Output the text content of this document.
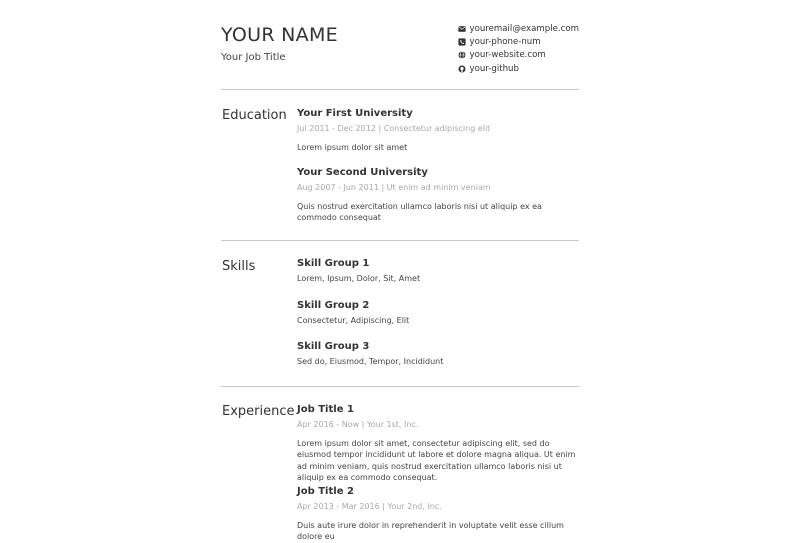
YOUR NAME
Your Job Title
youremail@example.com
your-phone-num
your-website.com
your-github
Education Your First University
Jul 2011 - Dec 2012 | Consectetur adipiscing elit
Lorem ipsum dolor sit amet
Your Second University
Aug 2007 - Jun 2011 | Ut enim ad minim veniam
Quis nostrud exercitation ullamco laboris nisi ut aliquip ex ea commodo consequat
Skills	Skill Group 1
Lorem, Ipsum, Dolor, Sit, Amet
Skill Group 2
Consectetur, Adipiscing, Elit
Skill Group 3
Sed do, Eiusmod, Tempor, Incididunt
Experience Job Title 1
Apr 2016 - Now | Your 1st, Inc.
Lorem ipsum dolor sit amet, consectetur adipiscing elit, sed do eiusmod tempor incididunt ut labore et dolore magna aliqua. Ut enim ad minim veniam, quis nostrud exercitation ullamco laboris nisi ut aliquip ex ea commodo consequat.
Job Title 2
Apr 2013 - Mar 2016 | Your 2nd, Inc.
Duis aute irure dolor in reprehenderit in voluptate velit esse cillum dolore eu
